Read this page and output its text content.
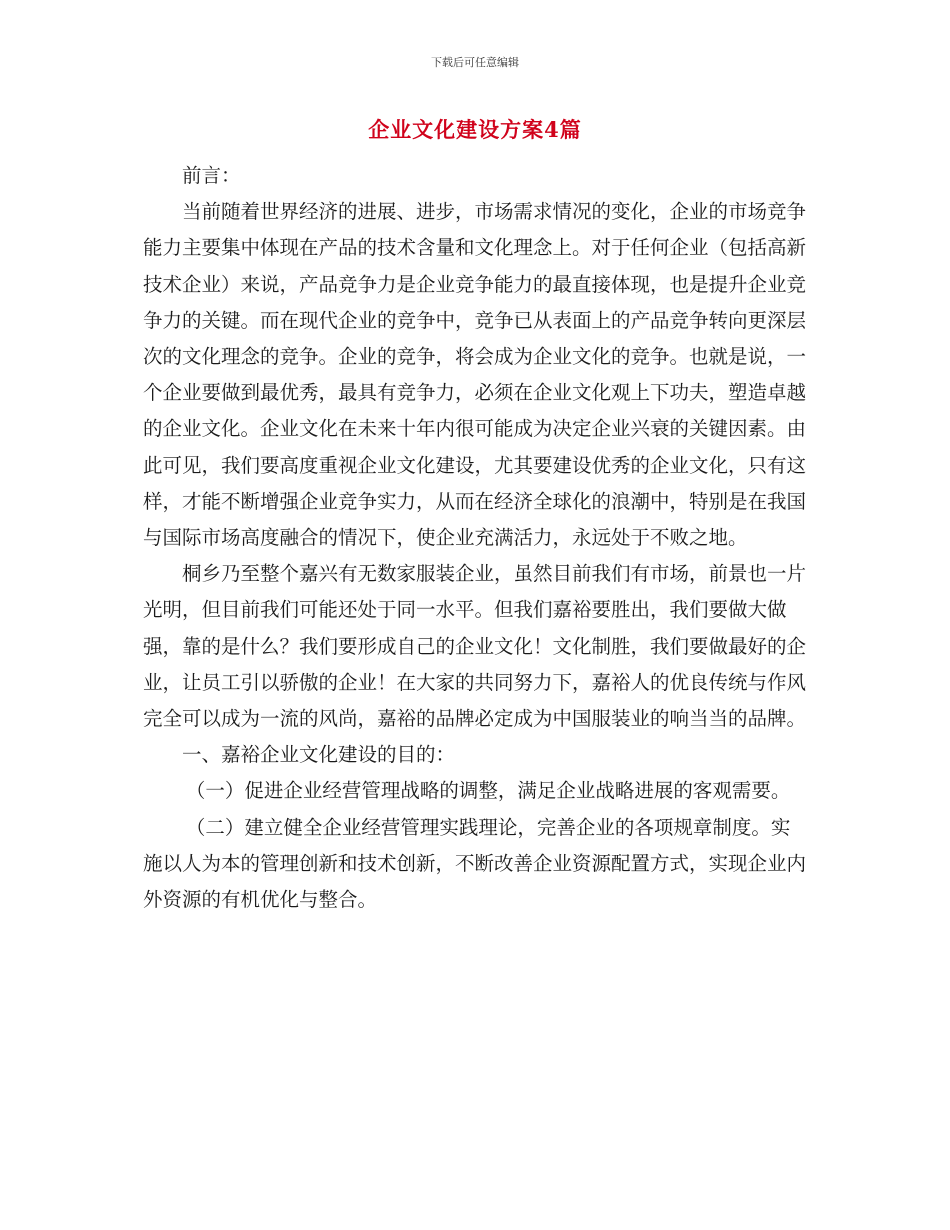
下载后可任意编辑
企业文化建设方案4篇

前言：

当前随着世界经济的进展、进步，市场需求情况的变化，企业的市场竞争能力主要集中体现在产品的技术含量和文化理念上。对于任何企业（包括高新技术企业）来说，产品竞争力是企业竞争能力的最直接体现，也是提升企业竞争力的关键。而在现代企业的竞争中，竞争已从表面上的产品竞争转向更深层次的文化理念的竞争。企业的竞争，将会成为企业文化的竞争。也就是说，一个企业要做到最优秀，最具有竞争力，必须在企业文化观上下功夫，塑造卓越的企业文化。企业文化在未来十年内很可能成为决定企业兴衰的关键因素。由此可见，我们要高度重视企业文化建设，尤其要建设优秀的企业文化，只有这样，才能不断增强企业竞争实力，从而在经济全球化的浪潮中，特别是在我国与国际市场高度融合的情况下，使企业充满活力，永远处于不败之地。

桐乡乃至整个嘉兴有无数家服装企业，虽然目前我们有市场，前景也一片光明，但目前我们可能还处于同一水平。但我们嘉裕要胜出，我们要做大做强，靠的是什么？我们要形成自己的企业文化！文化制胜，我们要做最好的企业，让员工引以骄傲的企业！在大家的共同努力下，嘉裕人的优良传统与作风完全可以成为一流的风尚，嘉裕的品牌必定成为中国服装业的响当当的品牌。

一、嘉裕企业文化建设的目的：

（一）促进企业经营管理战略的调整，满足企业战略进展的客观需要。

（二）建立健全企业经营管理实践理论，完善企业的各项规章制度。实施以人为本的管理创新和技术创新，不断改善企业资源配置方式，实现企业内外资源的有机优化与整合。
